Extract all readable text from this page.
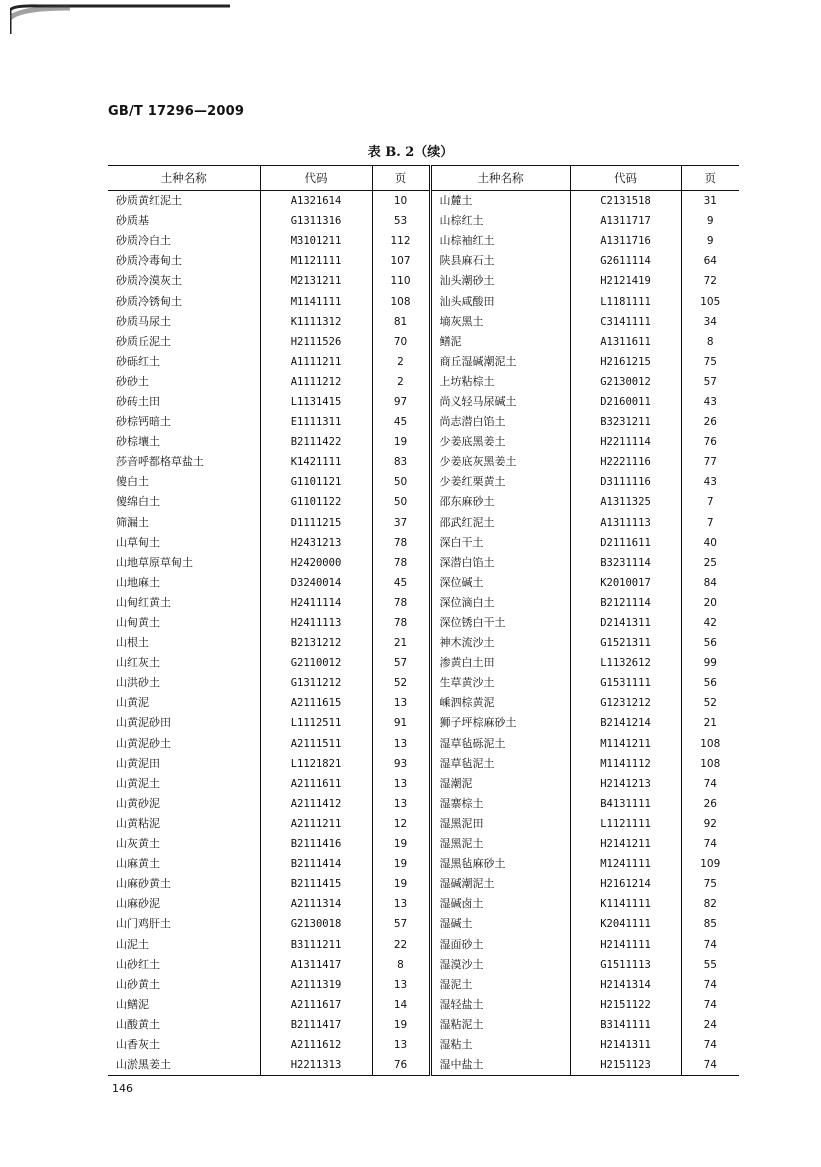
GB/T 17296—2009
表 B. 2（续）
土种名称	代码	页	土种名称	代码	页
砂质黄红泥土	A1321614	10	山麓土	C2131518	31
砂质基	G1311316	53	山棕红土	A1311717	9
砂质冷白土	M3101211	112	山棕袖红土	A1311716	9
砂质冷毒甸土	M1121111	107	陕县麻石土	G2611114	64
砂质冷漠灰土	M2131211	110	汕头潮砂土	H2121419	72
砂质冷锈甸土	M1141111	108	汕头咸酸田	L1181111	105
砂质马尿土	K1111312	81	墒灰黑土	C3141111	34
砂质丘泥土	H2111526	70	鳝泥	A1311611	8
砂砾红土	A1111211	2	商丘湿碱潮泥土	H2161215	75
砂砂土	A1111212	2	上坊粘棕土	G2130012	57
砂砖土田	L1131415	97	尚义轻马尿碱土	D2160011	43
砂棕钙暗土	E1111311	45	尚志潜白馅土	B3231211	26
砂棕壤土	B2111422	19	少姜底黑姜土	H2211114	76
莎音呼都格草盐土	K1421111	83	少姜底灰黑姜土	H2221116	77
傻白土	G1101121	50	少姜红栗黄土	D3111116	43
傻绵白土	G1101122	50	邵东麻砂土	A1311325	7
筛漏土	D1111215	37	邵武红泥土	A1311113	7
山草甸土	H2431213	78	深白干土	D2111611	40
山地草原草甸土	H2420000	78	深潜白馅土	B3231114	25
山地麻土	D3240014	45	深位碱土	K2010017	84
山甸红黄土	H2411114	78	深位滴白土	B2121114	20
山甸黄土	H2411113	78	深位锈白干土	D2141311	42
山根土	B2131212	21	神木流沙土	G1521311	56
山红灰土	G2110012	57	渗黄白土田	L1132612	99
山洪砂土	G1311212	52	生草黄沙土	G1531111	56
山黄泥	A2111615	13	嵊泗棕黄泥	G1231212	52
山黄泥砂田	L1112511	91	狮子坪棕麻砂土	B2141214	21
山黄泥砂土	A2111511	13	湿草毡砾泥土	M1141211	108
山黄泥田	L1121821	93	湿草毡泥土	M1141112	108
山黄泥土	A2111611	13	湿潮泥	H2141213	74
山黄砂泥	A2111412	13	湿寨棕土	B4131111	26
山黄粘泥	A2111211	12	湿黑泥田	L1121111	92
山灰黄土	B2111416	19	湿黑泥土	H2141211	74
山麻黄土	B2111414	19	湿黑毡麻砂土	M1241111	109
山麻砂黄土	B2111415	19	湿碱潮泥土	H2161214	75
山麻砂泥	A2111314	13	湿碱卤土	K1141111	82
山门鸡肝土	G2130018	57	湿碱土	K2041111	85
山泥土	B3111211	22	湿面砂土	H2141111	74
山砂红土	A1311417	8	湿漠沙土	G1511113	55
山砂黄土	A2111319	13	湿泥土	H2141314	74
山鳝泥	A2111617	14	湿轻盐土	H2151122	74
山酸黄土	B2111417	19	湿粘泥土	B3141111	24
山香灰土	A2111612	13	湿粘土	H2141311	74
山淤黑姜土	H2211313	76	湿中盐土	H2151123	74
146
